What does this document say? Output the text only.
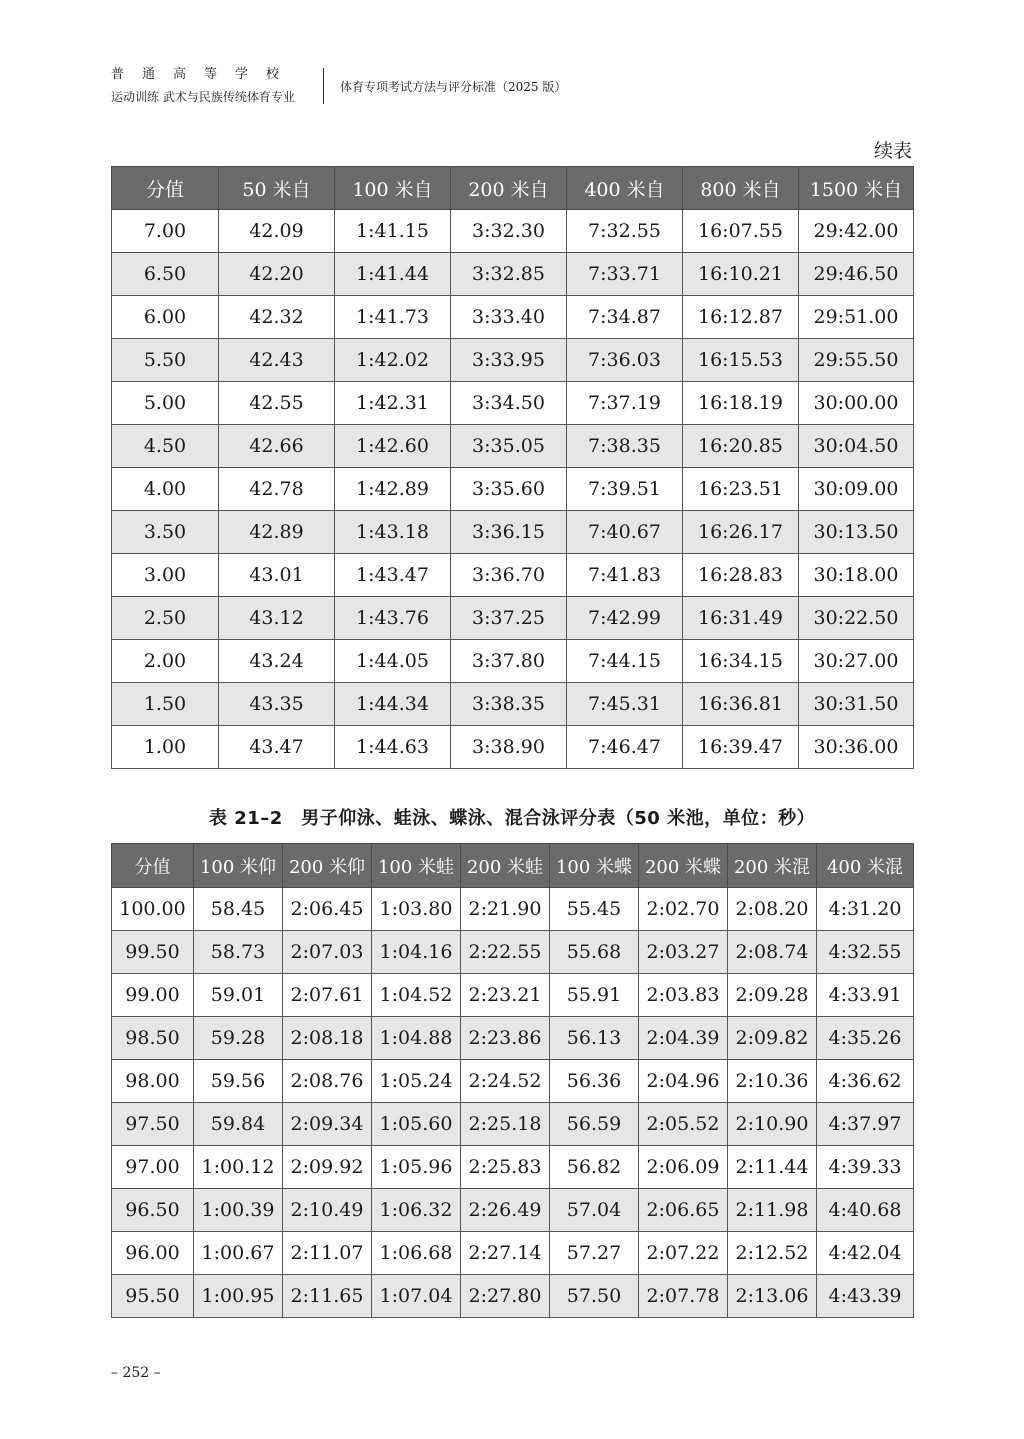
普通高等学校
运动训练 武术与民族传统体育专业
体育专项考试方法与评分标准（2025 版）
续表
分值	50 米自	100 米自	200 米自	400 米自	800 米自	1500 米自
7.00	42.09	1:41.15	3:32.30	7:32.55	16:07.55	29:42.00
6.50	42.20	1:41.44	3:32.85	7:33.71	16:10.21	29:46.50
6.00	42.32	1:41.73	3:33.40	7:34.87	16:12.87	29:51.00
5.50	42.43	1:42.02	3:33.95	7:36.03	16:15.53	29:55.50
5.00	42.55	1:42.31	3:34.50	7:37.19	16:18.19	30:00.00
4.50	42.66	1:42.60	3:35.05	7:38.35	16:20.85	30:04.50
4.00	42.78	1:42.89	3:35.60	7:39.51	16:23.51	30:09.00
3.50	42.89	1:43.18	3:36.15	7:40.67	16:26.17	30:13.50
3.00	43.01	1:43.47	3:36.70	7:41.83	16:28.83	30:18.00
2.50	43.12	1:43.76	3:37.25	7:42.99	16:31.49	30:22.50
2.00	43.24	1:44.05	3:37.80	7:44.15	16:34.15	30:27.00
1.50	43.35	1:44.34	3:38.35	7:45.31	16:36.81	30:31.50
1.00	43.47	1:44.63	3:38.90	7:46.47	16:39.47	30:36.00
表 21–2　男子仰泳、蛙泳、蝶泳、混合泳评分表（50 米池，单位：秒）
分值	100 米仰	200 米仰	100 米蛙	200 米蛙	100 米蝶	200 米蝶	200 米混	400 米混
100.00	58.45	2:06.45	1:03.80	2:21.90	55.45	2:02.70	2:08.20	4:31.20
99.50	58.73	2:07.03	1:04.16	2:22.55	55.68	2:03.27	2:08.74	4:32.55
99.00	59.01	2:07.61	1:04.52	2:23.21	55.91	2:03.83	2:09.28	4:33.91
98.50	59.28	2:08.18	1:04.88	2:23.86	56.13	2:04.39	2:09.82	4:35.26
98.00	59.56	2:08.76	1:05.24	2:24.52	56.36	2:04.96	2:10.36	4:36.62
97.50	59.84	2:09.34	1:05.60	2:25.18	56.59	2:05.52	2:10.90	4:37.97
97.00	1:00.12	2:09.92	1:05.96	2:25.83	56.82	2:06.09	2:11.44	4:39.33
96.50	1:00.39	2:10.49	1:06.32	2:26.49	57.04	2:06.65	2:11.98	4:40.68
96.00	1:00.67	2:11.07	1:06.68	2:27.14	57.27	2:07.22	2:12.52	4:42.04
95.50	1:00.95	2:11.65	1:07.04	2:27.80	57.50	2:07.78	2:13.06	4:43.39
– 252 –
